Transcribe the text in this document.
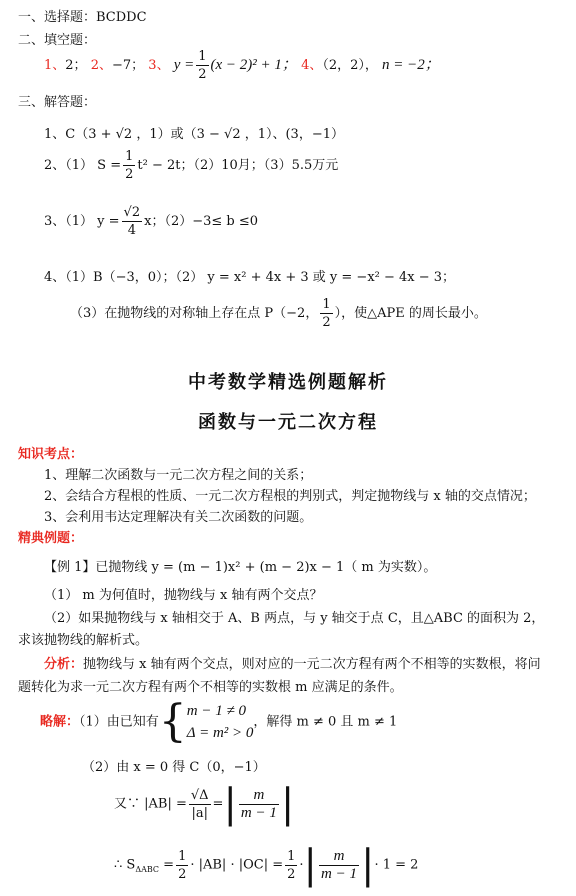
一、选择题：BCDDC
二、填空题：
1、2； 2、−7； 3、 $y = \frac{1}{2} (x - 2)^2 + 1$； 4、（2，2）， n = −2；
三、解答题：
1、C（3 + √2 ，1）或（3 − √2 ，1）、(3，−1）
2、（1） $S = \frac{1}{2} t^2 - 2t$；（2）10月；（3）5.5万元
3、（1） $y = \frac{√2}{4}$ x；（2）−3≤ b ≤0
4、（1）B（−3，0）；（2） y = x² + 4x + 3 或 y = −x² − 4x − 3；
（3）在抛物线的对称轴上存在点 P（−2， $\frac{1}{2}$ ），使△APE 的周长最小。
中考数学精选例题解析
函数与一元二次方程
知识考点：
1、理解二次函数与一元二次方程之间的关系；
2、会结合方程根的性质、一元二次方程根的判别式，判定抛物线与 x 轴的交点情况；
3、会利用韦达定理解决有关二次函数的问题。
精典例题：
【例 1】已抛物线 y = (m − 1)x² + (m − 2)x − 1（ m 为实数）。
（1） m 为何值时，抛物线与 x 轴有两个交点？
（2）如果抛物线与 x 轴相交于 A、B 两点，与 y 轴交于点 C，且△ABC 的面积为 2，
求该抛物线的解析式。
分析：抛物线与 x 轴有两个交点，则对应的一元二次方程有两个不相等的实数根，将问
题转化为求一元二次方程有两个不相等的实数根 m 应满足的条件。
略解：（1）由已知有{ m − 1 ≠ 0
Δ = m² > 0
，解得 m ≠ 0 且 m ≠ 1
（2）由 x = 0 得 C（0，−1）
又∵ $|AB| = \frac{√\Delta}{|a|}$ =| $\frac{m}{m - 1}$ |
∴ $S_{\Delta ABC} = \frac{1}{2} \cdot |AB| \cdot |OC| = \frac{1}{2}$ ·| $\frac{m}{m - 1}$ |· 1 = 2
